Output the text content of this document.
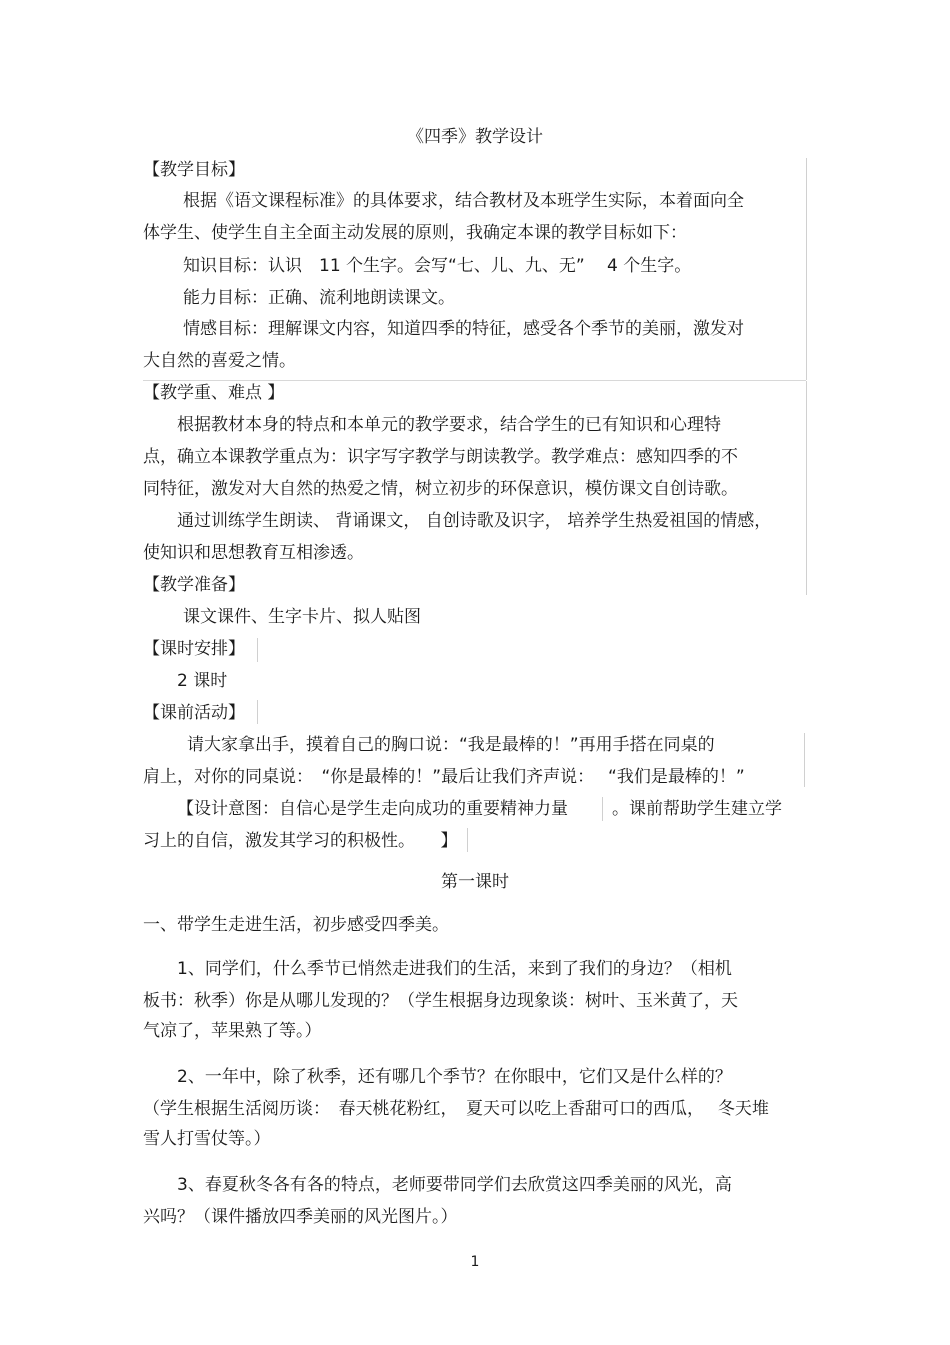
《四季》教学设计
【教学目标】
根据《语文课程标准》的具体要求，结合教材及本班学生实际，本着面向全
体学生、使学生自主全面主动发展的原则，我确定本课的教学目标如下：
知识目标：认识　11 个生字。会写“七、儿、九、无”　 4 个生字。
能力目标：正确、流利地朗读课文。
情感目标：理解课文内容，知道四季的特征，感受各个季节的美丽，激发对
大自然的喜爱之情。
【教学重、难点 】
根据教材本身的特点和本单元的教学要求，结合学生的已有知识和心理特
点，确立本课教学重点为：识字写字教学与朗读教学。教学难点：感知四季的不
同特征，激发对大自然的热爱之情，树立初步的环保意识，模仿课文自创诗歌。
通过训练学生朗读、 背诵课文， 自创诗歌及识字， 培养学生热爱祖国的情感，
使知识和思想教育互相渗透。
【教学准备】
课文课件、生字卡片、拟人贴图
【课时安排】
2 课时
【课前活动】
请大家拿出手，摸着自己的胸口说：“我是最棒的！”再用手搭在同桌的
肩上，对你的同桌说：　“你是最棒的！”最后让我们齐声说：　 “我们是最棒的！”
【设计意图：自信心是学生走向成功的重要精神力量	。课前帮助学生建立学
习上的自信，激发其学习的积极性。　　】
第一课时
一、带学生走进生活，初步感受四季美。
1、同学们，什么季节已悄然走进我们的生活，来到了我们的身边？（相机
板书：秋季）你是从哪儿发现的？（学生根据身边现象谈：树叶、玉米黄了，天
气凉了，苹果熟了等。）
2、一年中，除了秋季，还有哪几个季节？在你眼中，它们又是什么样的？
（学生根据生活阅历谈：　春天桃花粉红，　夏天可以吃上香甜可口的西瓜，　 冬天堆
雪人打雪仗等。）
3、春夏秋冬各有各的特点，老师要带同学们去欣赏这四季美丽的风光，高
兴吗？（课件播放四季美丽的风光图片。）
1
